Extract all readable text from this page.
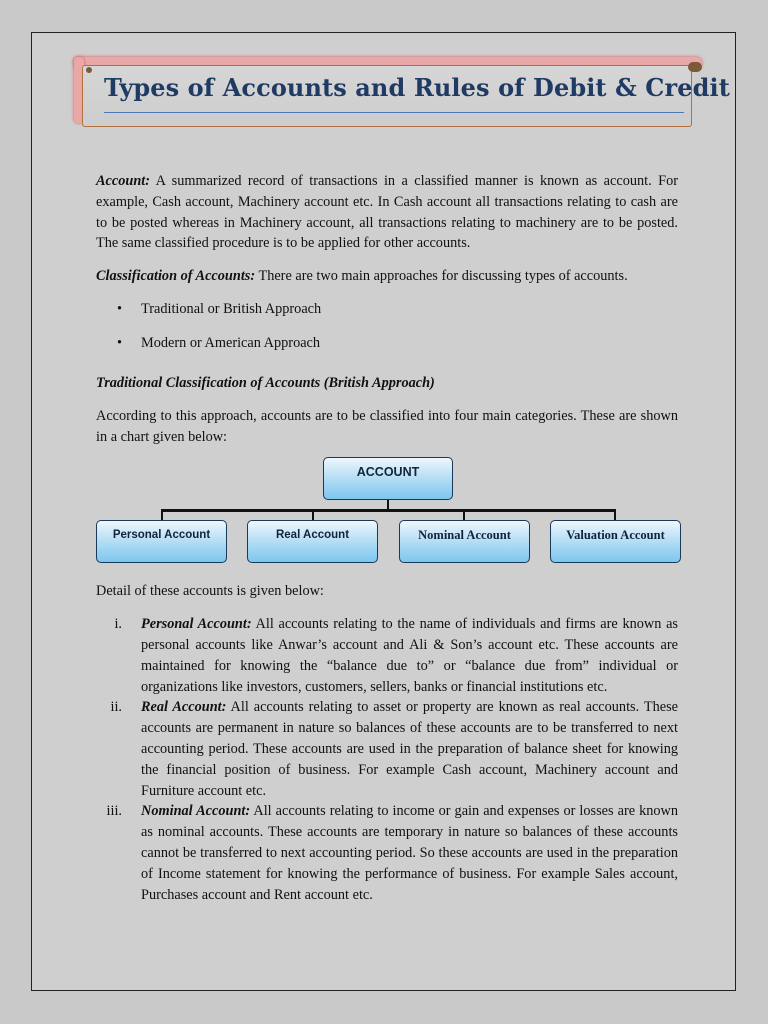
Types of Accounts and Rules of Debit & Credit

Account: A summarized record of transactions in a classified manner is known as account. For example, Cash account, Machinery account etc. In Cash account all transactions relating to cash are to be posted whereas in Machinery account, all transactions relating to machinery are to be posted. The same classified procedure is to be applied for other accounts.

Classification of Accounts: There are two main approaches for discussing types of accounts.

• Traditional or British Approach
• Modern or American Approach

Traditional Classification of Accounts (British Approach)

According to this approach, accounts are to be classified into four main categories. These are shown in a chart given below:

ACCOUNT
Personal Account	Real Account	Nominal Account	Valuation Account

Detail of these accounts is given below:

i. Personal Account: All accounts relating to the name of individuals and firms are known as personal accounts like Anwar’s account and Ali & Son’s account etc. These accounts are maintained for knowing the “balance due to” or “balance due from” individual or organizations like investors, customers, sellers, banks or financial institutions etc.

ii. Real Account: All accounts relating to asset or property are known as real accounts. These accounts are permanent in nature so balances of these accounts are to be transferred to next accounting period. These accounts are used in the preparation of balance sheet for knowing the financial position of business. For example Cash account, Machinery account and Furniture account etc.

iii. Nominal Account: All accounts relating to income or gain and expenses or losses are known as nominal accounts. These accounts are temporary in nature so balances of these accounts cannot be transferred to next accounting period. So these accounts are used in the preparation of Income statement for knowing the performance of business. For example Sales account, Purchases account and Rent account etc.
